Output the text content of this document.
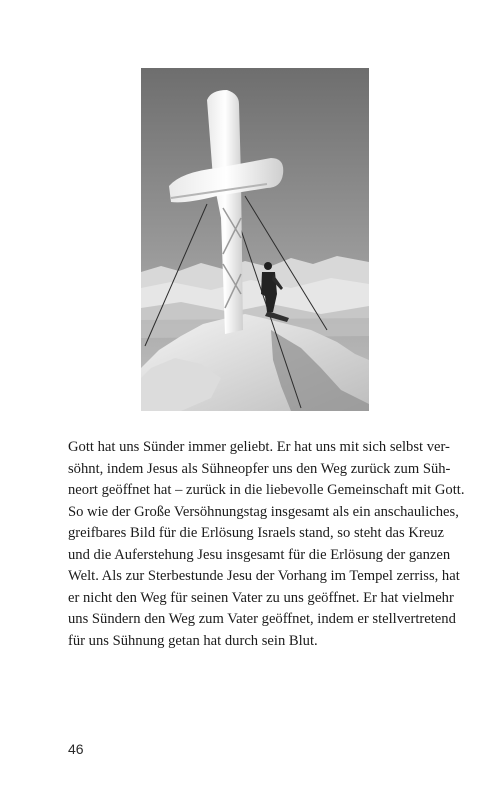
Gott hat uns Sünder immer geliebt. Er hat uns mit sich selbst ver-
söhnt, indem Jesus als Sühneopfer uns den Weg zurück zum Süh-
neort geöffnet hat – zurück in die liebevolle Gemeinschaft mit Gott.
So wie der Große Versöhnungstag insgesamt als ein anschauliches,
greifbares Bild für die Erlösung Israels stand, so steht das Kreuz
und die Auferstehung Jesu insgesamt für die Erlösung der ganzen
Welt. Als zur Sterbestunde Jesu der Vorhang im Tempel zerriss, hat
er nicht den Weg für seinen Vater zu uns geöffnet. Er hat vielmehr
uns Sündern den Weg zum Vater geöffnet, indem er stellvertretend
für uns Sühnung getan hat durch sein Blut.
46
